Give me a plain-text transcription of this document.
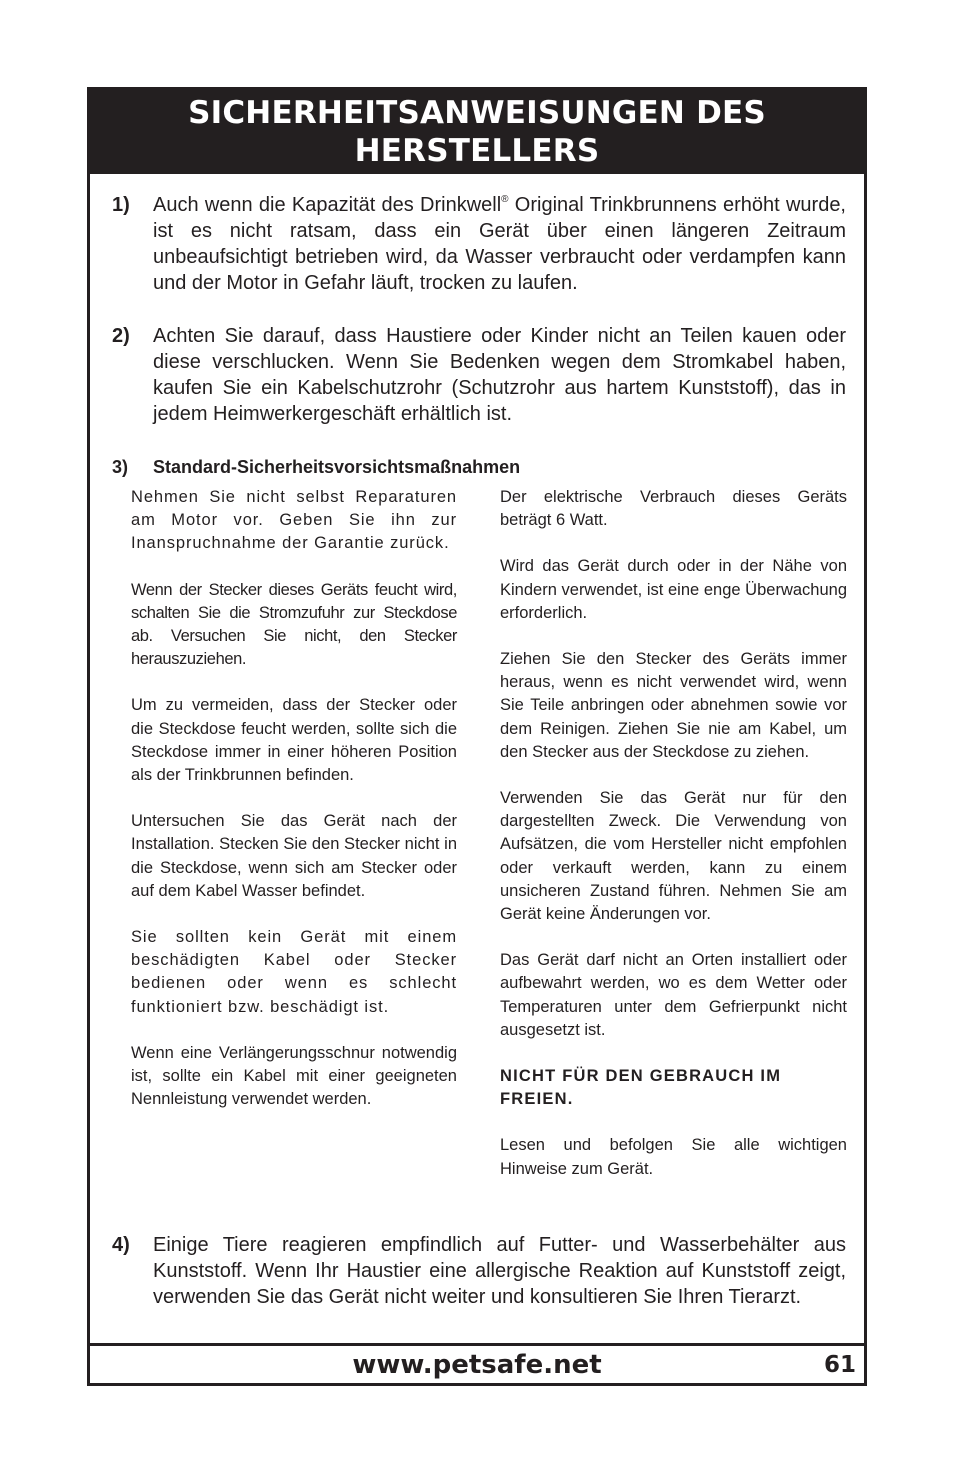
SICHERHEITSANWEISUNGEN DES
HERSTELLERS
1) Auch wenn die Kapazität des Drinkwell® Original Trinkbrunnens erhöht wurde, ist es nicht ratsam, dass ein Gerät über einen längeren Zeitraum unbeaufsichtigt betrieben wird, da Wasser verbraucht oder verdampfen kann und der Motor in Gefahr läuft, trocken zu laufen.
2) Achten Sie darauf, dass Haustiere oder Kinder nicht an Teilen kauen oder diese verschlucken. Wenn Sie Bedenken wegen dem Stromkabel haben, kaufen Sie ein Kabelschutzrohr (Schutzrohr aus hartem Kunststoff), das in jedem Heimwerkergeschäft erhältlich ist.
3) Standard-Sicherheitsvorsichtsmaßnahmen

Nehmen Sie nicht selbst Reparaturen am Motor vor. Geben Sie ihn zur Inanspruchnahme der Garantie zurück.

Wenn der Stecker dieses Geräts feucht wird, schalten Sie die Stromzufuhr zur Steckdose ab. Versuchen Sie nicht, den Stecker herauszuziehen.

Um zu vermeiden, dass der Stecker oder die Steckdose feucht werden, sollte sich die Steckdose immer in einer höheren Position als der Trinkbrunnen befinden.

Untersuchen Sie das Gerät nach der Installation. Stecken Sie den Stecker nicht in die Steckdose, wenn sich am Stecker oder auf dem Kabel Wasser befindet.

Sie sollten kein Gerät mit einem beschädigten Kabel oder Stecker bedienen oder wenn es schlecht funktioniert bzw. beschädigt ist.

Wenn eine Verlängerungsschnur notwendig ist, sollte ein Kabel mit einer geeigneten Nennleistung verwendet werden.

Der elektrische Verbrauch dieses Geräts beträgt 6 Watt.

Wird das Gerät durch oder in der Nähe von Kindern verwendet, ist eine enge Überwachung erforderlich.

Ziehen Sie den Stecker des Geräts immer heraus, wenn es nicht verwendet wird, wenn Sie Teile anbringen oder abnehmen sowie vor dem Reinigen. Ziehen Sie nie am Kabel, um den Stecker aus der Steckdose zu ziehen.

Verwenden Sie das Gerät nur für den dargestellten Zweck. Die Verwendung von Aufsätzen, die vom Hersteller nicht empfohlen oder verkauft werden, kann zu einem unsicheren Zustand führen. Nehmen Sie am Gerät keine Änderungen vor.

Das Gerät darf nicht an Orten installiert oder aufbewahrt werden, wo es dem Wetter oder Temperaturen unter dem Gefrierpunkt nicht ausgesetzt ist.

NICHT FÜR DEN GEBRAUCH IM FREIEN.

Lesen und befolgen Sie alle wichtigen Hinweise zum Gerät.

4) Einige Tiere reagieren empfindlich auf Futter- und Wasserbehälter aus Kunststoff. Wenn Ihr Haustier eine allergische Reaktion auf Kunststoff zeigt, verwenden Sie das Gerät nicht weiter und konsultieren Sie Ihren Tierarzt.
www.petsafe.net	61
